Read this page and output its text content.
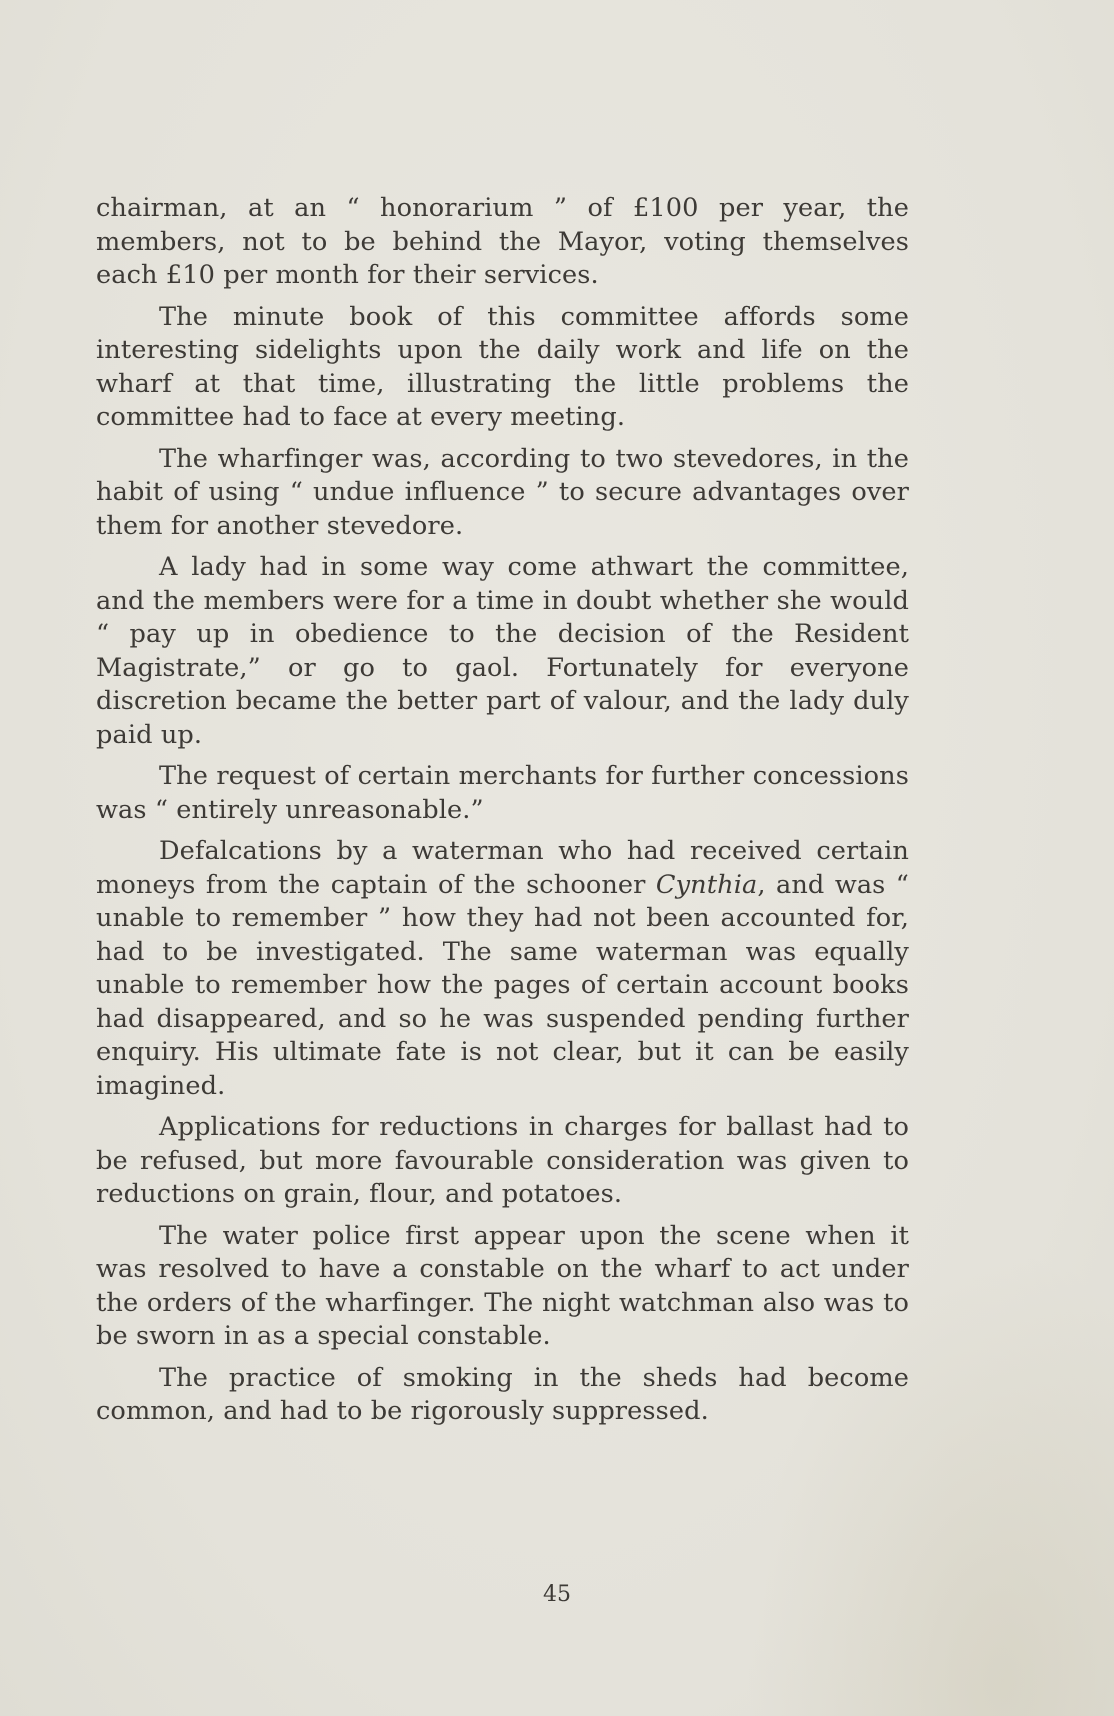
chairman, at an “ honorarium ” of £100 per year, the members, not to be behind the Mayor, voting themselves each £10 per month for their services.

The minute book of this committee affords some interesting sidelights upon the daily work and life on the wharf at that time, illustrating the little problems the committee had to face at every meeting.

The wharfinger was, according to two stevedores, in the habit of using “ undue influence ” to secure advantages over them for another stevedore.

A lady had in some way come athwart the committee, and the members were for a time in doubt whether she would “ pay up in obedience to the decision of the Resident Magistrate,” or go to gaol. Fortunately for everyone discretion became the better part of valour, and the lady duly paid up.

The request of certain merchants for further concessions was “ entirely unreasonable.”

Defalcations by a waterman who had received certain moneys from the captain of the schooner Cynthia, and was “ unable to remember ” how they had not been accounted for, had to be investigated. The same waterman was equally unable to remember how the pages of certain account books had disappeared, and so he was suspended pending further enquiry. His ultimate fate is not clear, but it can be easily imagined.

Applications for reductions in charges for ballast had to be refused, but more favourable consideration was given to reductions on grain, flour, and potatoes.

The water police first appear upon the scene when it was resolved to have a constable on the wharf to act under the orders of the wharfinger. The night watchman also was to be sworn in as a special constable.

The practice of smoking in the sheds had become common, and had to be rigorously suppressed.

45
